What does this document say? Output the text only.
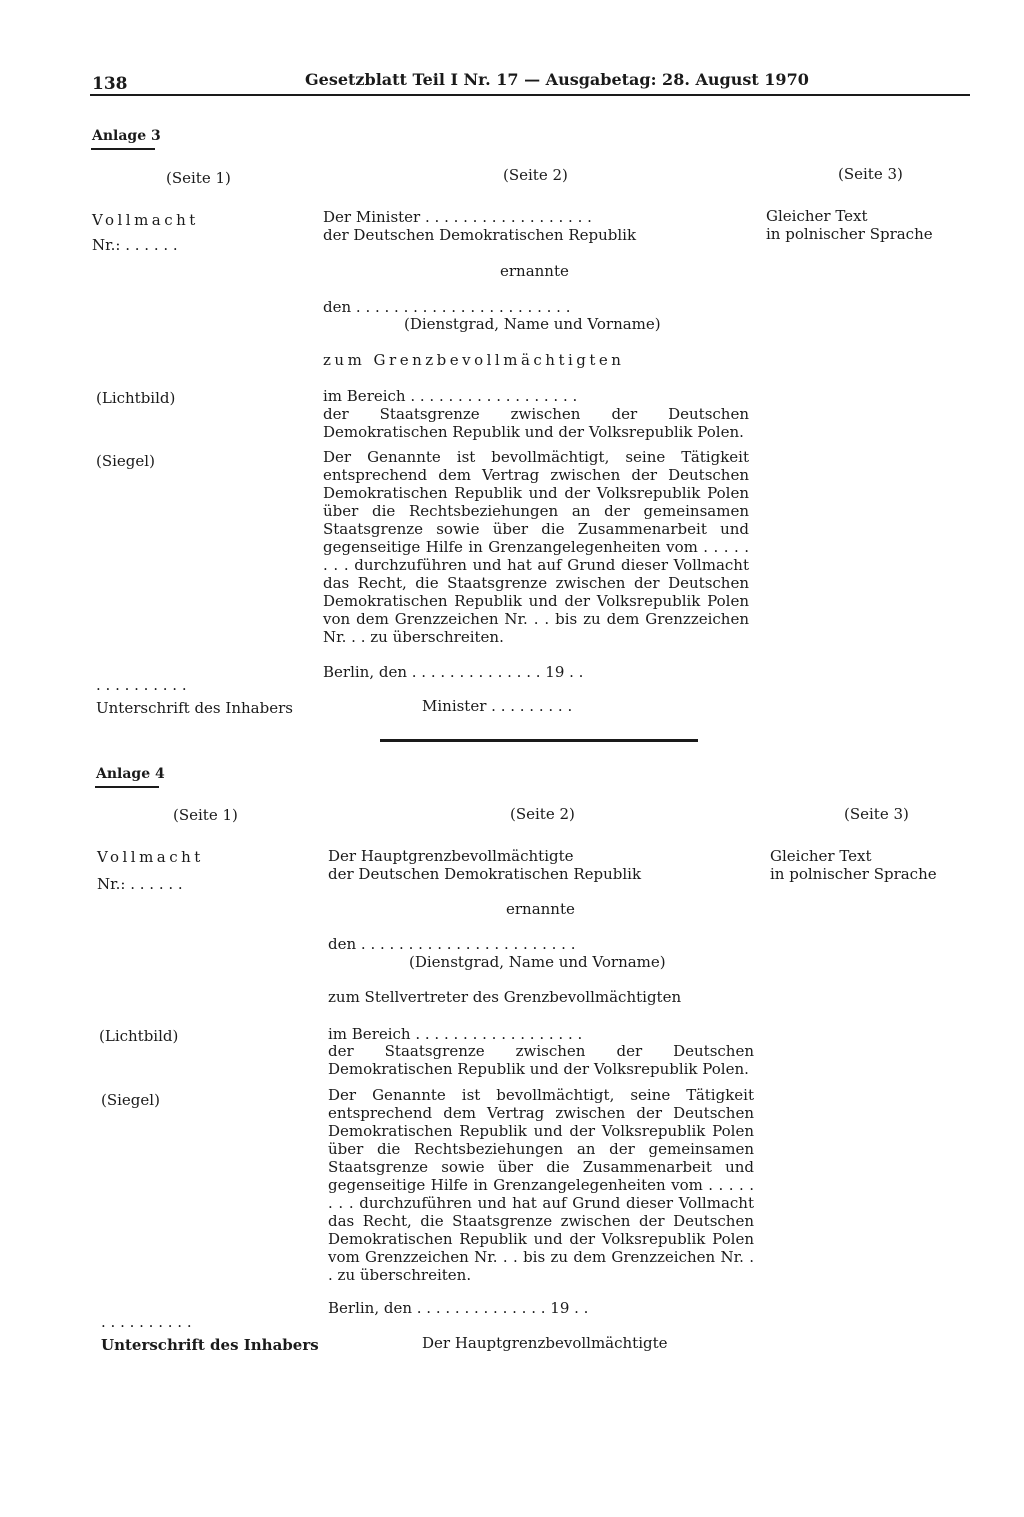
138	Gesetzblatt Teil I Nr. 17 — Ausgabetag: 28. August 1970
Anlage 3
(Seite 1)	(Seite 2)	(Seite 3)
Vollmacht
Nr.: . . . . . .
(Lichtbild)
(Siegel)
. . . . . . . . . .
Unterschrift des Inhabers
Der Minister . . . . . . . . . . . . . . . . . .
der Deutschen Demokratischen Republik
ernannte
den . . . . . . . . . . . . . . . . . . . . . . .
(Dienstgrad, Name und Vorname)
zum Grenzbevollmächtigten
im Bereich . . . . . . . . . . . . . . . . . .
der Staatsgrenze zwischen der Deutschen Demokratischen Republik und der Volksrepublik Polen.
Der Genannte ist bevollmächtigt, seine Tätigkeit entsprechend dem Vertrag zwischen der Deutschen Demokratischen Republik und der Volksrepublik Polen über die Rechtsbeziehungen an der gemeinsamen Staatsgrenze sowie über die Zusammenarbeit und gegenseitige Hilfe in Grenzangelegenheiten vom . . . . . . . . durchzuführen und hat auf Grund dieser Vollmacht das Recht, die Staatsgrenze zwischen der Deutschen Demokratischen Republik und der Volksrepublik Polen von dem Grenzzeichen Nr. . . bis zu dem Grenzzeichen Nr. . . zu überschreiten.
Berlin, den . . . . . . . . . . . . . . 19 . .
Minister . . . . . . . . .
Gleicher Text
in polnischer Sprache
Anlage 4
(Seite 1)	(Seite 2)	(Seite 3)
Vollmacht
Nr.: . . . . . .
(Lichtbild)
(Siegel)
. . . . . . . . . .
Unterschrift des Inhabers
Der Hauptgrenzbevollmächtigte
der Deutschen Demokratischen Republik
ernannte
den . . . . . . . . . . . . . . . . . . . . . . .
(Dienstgrad, Name und Vorname)
zum Stellvertreter des Grenzbevollmächtigten
im Bereich . . . . . . . . . . . . . . . . . .
der Staatsgrenze zwischen der Deutschen Demokratischen Republik und der Volksrepublik Polen.
Der Genannte ist bevollmächtigt, seine Tätigkeit entsprechend dem Vertrag zwischen der Deutschen Demokratischen Republik und der Volksrepublik Polen über die Rechtsbeziehungen an der gemeinsamen Staatsgrenze sowie über die Zusammenarbeit und gegenseitige Hilfe in Grenzangelegenheiten vom . . . . . . . . durchzuführen und hat auf Grund dieser Vollmacht das Recht, die Staatsgrenze zwischen der Deutschen Demokratischen Republik und der Volksrepublik Polen vom Grenzzeichen Nr. . . bis zu dem Grenzzeichen Nr. . . zu überschreiten.
Berlin, den . . . . . . . . . . . . . . 19 . .
Der Hauptgrenzbevollmächtigte
Gleicher Text
in polnischer Sprache
